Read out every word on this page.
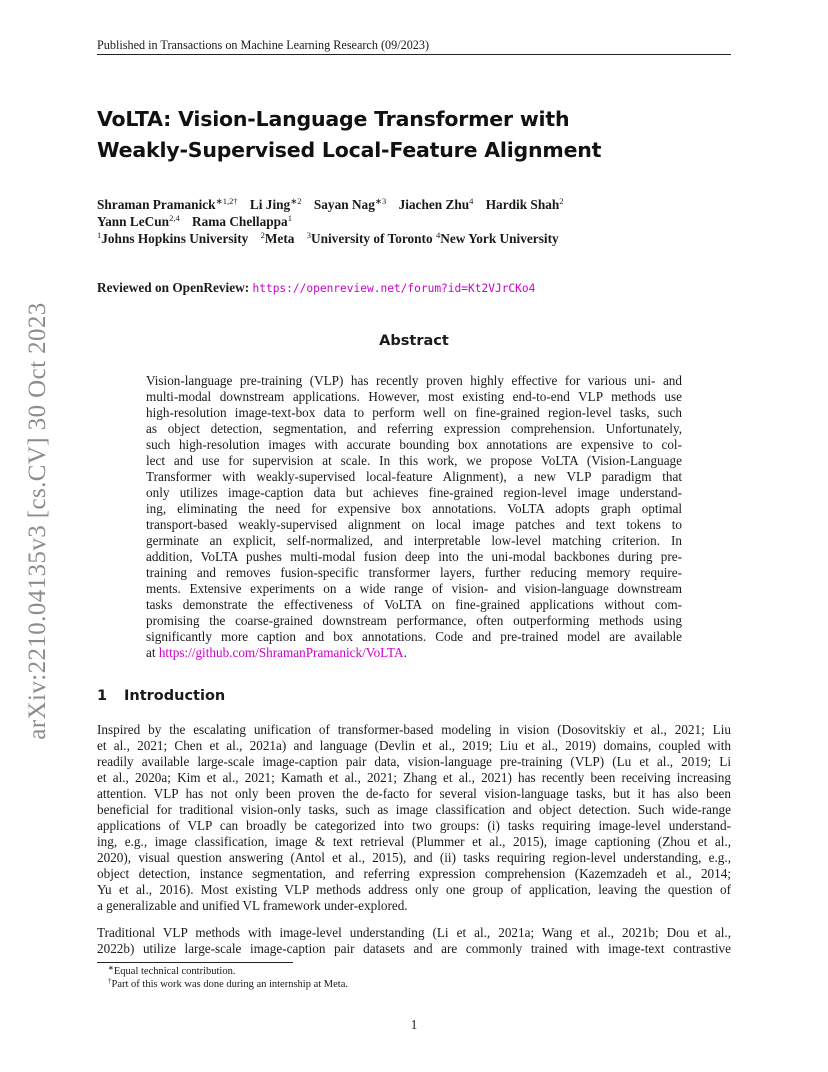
Published in Transactions on Machine Learning Research (09/2023)
arXiv:2210.04135v3 [cs.CV] 30 Oct 2023
VoLTA: Vision-Language Transformer with
Weakly-Supervised Local-Feature Alignment
Shraman Pramanick$^{∗1,2\dagger}$ Li Jing$^{∗2}$ Sayan Nag$^{∗3}$ Jiachen Zhu$^4$ Hardik Shah$^2$
Yann LeCun$^{2,4}$ Rama Chellappa$^1$
$^1$Johns Hopkins University $^2$Meta $^3$University of Toronto $^4$New York University
Reviewed on OpenReview: https://openreview.net/forum?id=Kt2VJrCKo4
Abstract
Vision-language pre-training (VLP) has recently proven highly effective for various uni- and
multi-modal downstream applications. However, most existing end-to-end VLP methods use
high-resolution image-text-box data to perform well on fine-grained region-level tasks, such
as object detection, segmentation, and referring expression comprehension. Unfortunately,
such high-resolution images with accurate bounding box annotations are expensive to col-
lect and use for supervision at scale. In this work, we propose VoLTA (Vision-Language
Transformer with weakly-supervised local-feature Alignment), a new VLP paradigm that
only utilizes image-caption data but achieves fine-grained region-level image understand-
ing, eliminating the need for expensive box annotations. VoLTA adopts graph optimal
transport-based weakly-supervised alignment on local image patches and text tokens to
germinate an explicit, self-normalized, and interpretable low-level matching criterion. In
addition, VoLTA pushes multi-modal fusion deep into the uni-modal backbones during pre-
training and removes fusion-specific transformer layers, further reducing memory require-
ments. Extensive experiments on a wide range of vision- and vision-language downstream
tasks demonstrate the effectiveness of VoLTA on fine-grained applications without com-
promising the coarse-grained downstream performance, often outperforming methods using
significantly more caption and box annotations. Code and pre-trained model are available
at https://github.com/ShramanPramanick/VoLTA.
1 Introduction
Inspired by the escalating unification of transformer-based modeling in vision (Dosovitskiy et al., 2021; Liu
et al., 2021; Chen et al., 2021a) and language (Devlin et al., 2019; Liu et al., 2019) domains, coupled with
readily available large-scale image-caption pair data, vision-language pre-training (VLP) (Lu et al., 2019; Li
et al., 2020a; Kim et al., 2021; Kamath et al., 2021; Zhang et al., 2021) has recently been receiving increasing
attention. VLP has not only been proven the de-facto for several vision-language tasks, but it has also been
beneficial for traditional vision-only tasks, such as image classification and object detection. Such wide-range
applications of VLP can broadly be categorized into two groups: (i) tasks requiring image-level understand-
ing, e.g., image classification, image & text retrieval (Plummer et al., 2015), image captioning (Zhou et al.,
2020), visual question answering (Antol et al., 2015), and (ii) tasks requiring region-level understanding, e.g.,
object detection, instance segmentation, and referring expression comprehension (Kazemzadeh et al., 2014;
Yu et al., 2016). Most existing VLP methods address only one group of application, leaving the question of
a generalizable and unified VL framework under-explored.
Traditional VLP methods with image-level understanding (Li et al., 2021a; Wang et al., 2021b; Dou et al.,
2022b) utilize large-scale image-caption pair datasets and are commonly trained with image-text contrastive
∗Equal technical contribution.
†Part of this work was done during an internship at Meta.
1
